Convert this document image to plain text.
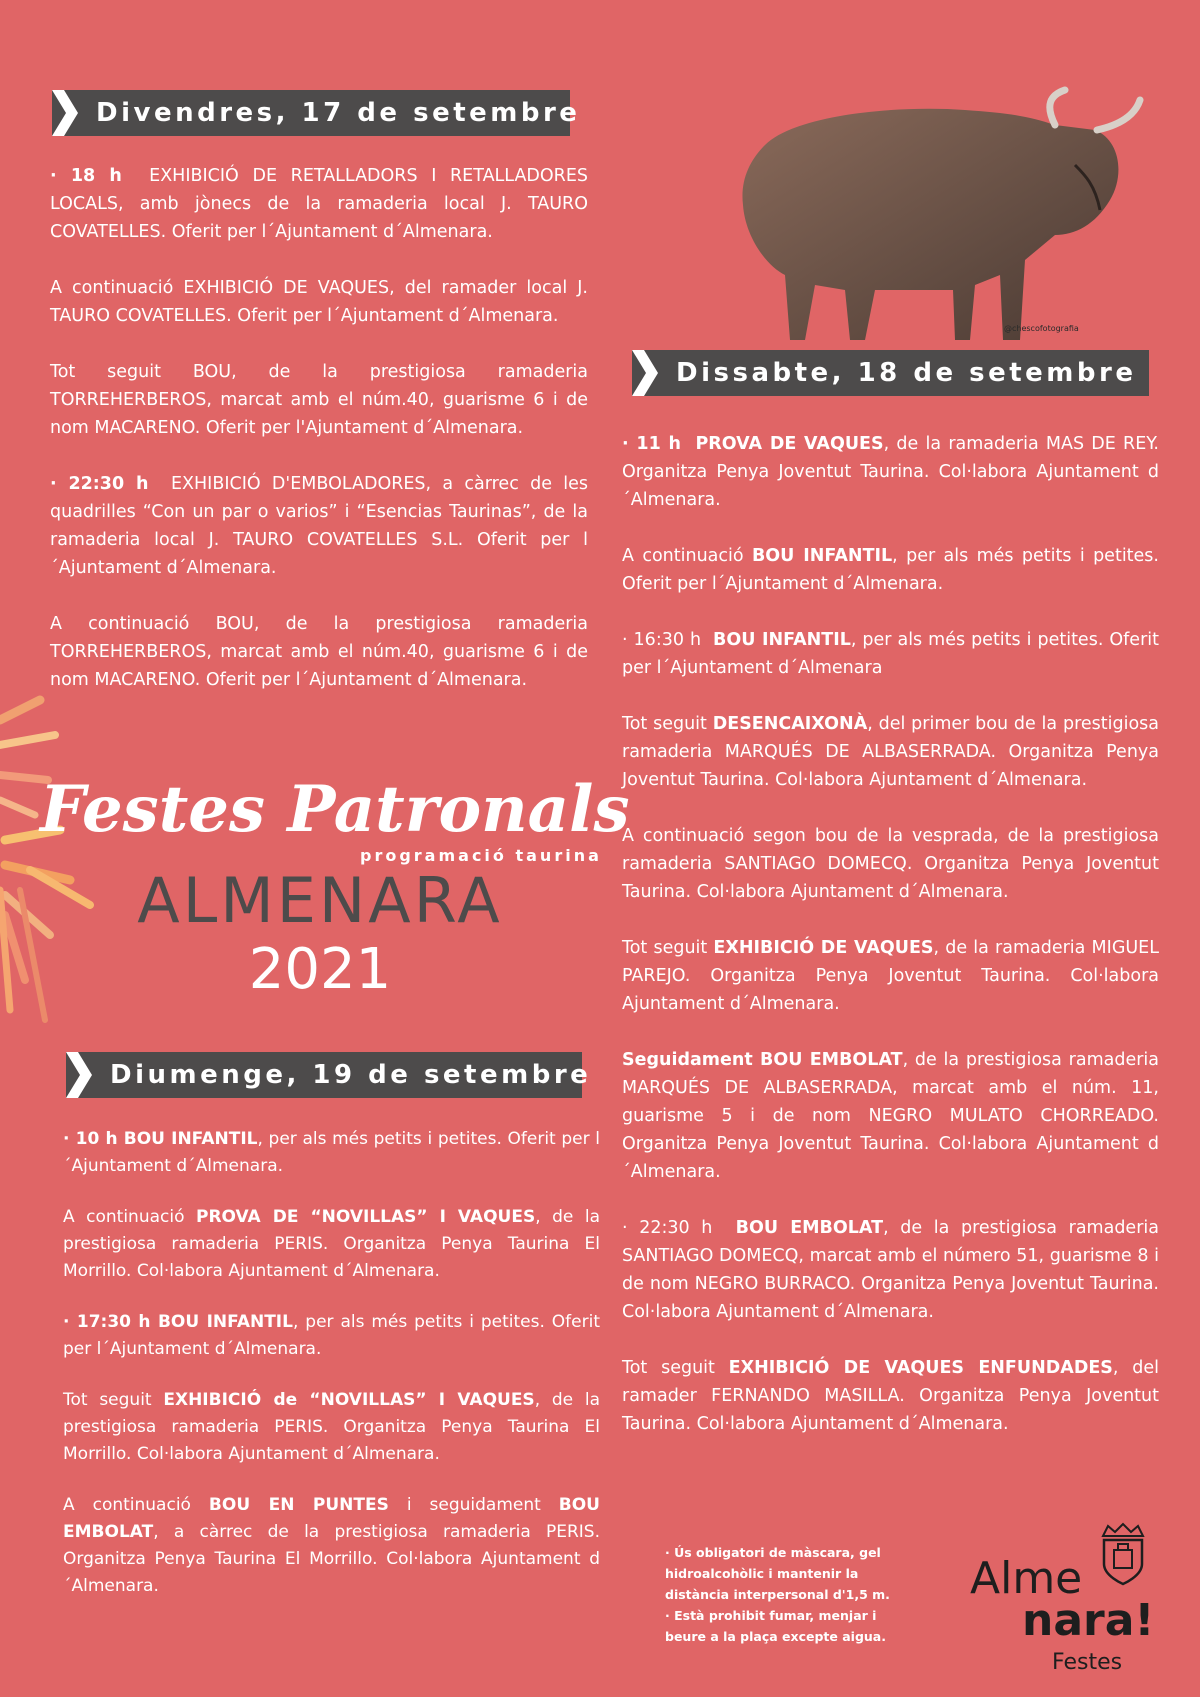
@chescofotografia
Divendres, 17 de setembre

· 18 h EXHIBICIÓ DE RETALLADORS I RETALLADORES LOCALS, amb jònecs de la ramaderia local J. TAURO COVATELLES. Oferit per l´Ajuntament d´Almenara.

A continuació EXHIBICIÓ DE VAQUES, del ramader local J. TAURO COVATELLES. Oferit per l´Ajuntament d´Almenara.

Tot seguit BOU, de la prestigiosa ramaderia TORREHERBEROS, marcat amb el núm.40, guarisme 6 i de nom MACARENO. Oferit per l'Ajuntament d´Almenara.

· 22:30 h EXHIBICIÓ D'EMBOLADORES, a càrrec de les quadrilles “Con un par o varios” i “Esencias Taurinas”, de la ramaderia local J. TAURO COVATELLES S.L. Oferit per l´Ajuntament d´Almenara.

A continuació BOU, de la prestigiosa ramaderia TORREHERBEROS, marcat amb el núm.40, guarisme 6 i de nom MACARENO. Oferit per l´Ajuntament d´Almenara.

Festes Patronals
programació taurina
ALMENARA
2021
Diumenge, 19 de setembre

· 10 h BOU INFANTIL, per als més petits i petites. Oferit per l´Ajuntament d´Almenara.

A continuació PROVA DE “NOVILLAS” I VAQUES, de la prestigiosa ramaderia PERIS. Organitza Penya Taurina El Morrillo. Col·labora Ajuntament d´Almenara.

· 17:30 h BOU INFANTIL, per als més petits i petites. Oferit per l´Ajuntament d´Almenara.

Tot seguit EXHIBICIÓ de “NOVILLAS” I VAQUES, de la prestigiosa ramaderia PERIS. Organitza Penya Taurina El Morrillo. Col·labora Ajuntament d´Almenara.

A continuació BOU EN PUNTES i seguidament BOU EMBOLAT, a càrrec de la prestigiosa ramaderia PERIS. Organitza Penya Taurina El Morrillo. Col·labora Ajuntament d´Almenara.

Dissabte, 18 de setembre

· 11 h PROVA DE VAQUES, de la ramaderia MAS DE REY. Organitza Penya Joventut Taurina. Col·labora Ajuntament d´Almenara.

A continuació BOU INFANTIL, per als més petits i petites. Oferit per l´Ajuntament d´Almenara.

· 16:30 h BOU INFANTIL, per als més petits i petites. Oferit per l´Ajuntament d´Almenara

Tot seguit DESENCAIXONÀ, del primer bou de la prestigiosa ramaderia MARQUÉS DE ALBASERRADA. Organitza Penya Joventut Taurina. Col·labora Ajuntament d´Almenara.

A continuació segon bou de la vesprada, de la prestigiosa ramaderia SANTIAGO DOMECQ. Organitza Penya Joventut Taurina. Col·labora Ajuntament d´Almenara.

Tot seguit EXHIBICIÓ DE VAQUES, de la ramaderia MIGUEL PAREJO. Organitza Penya Joventut Taurina. Col·labora Ajuntament d´Almenara.

Seguidament BOU EMBOLAT, de la prestigiosa ramaderia MARQUÉS DE ALBASERRADA, marcat amb el núm. 11, guarisme 5 i de nom NEGRO MULATO CHORREADO. Organitza Penya Joventut Taurina. Col·labora Ajuntament d´Almenara.

· 22:30 h BOU EMBOLAT, de la prestigiosa ramaderia SANTIAGO DOMECQ, marcat amb el número 51, guarisme 8 i de nom NEGRO BURRACO. Organitza Penya Joventut Taurina. Col·labora Ajuntament d´Almenara.

Tot seguit EXHIBICIÓ DE VAQUES ENFUNDADES, del ramader FERNANDO MASILLA. Organitza Penya Joventut Taurina. Col·labora Ajuntament d´Almenara.

· Ús obligatori de màscara, gel hidroalcohòlic i mantenir la distància interpersonal d'1,5 m.
· Està prohibit fumar, menjar i beure a la plaça excepte aigua.
Alme
nara!
Festes
